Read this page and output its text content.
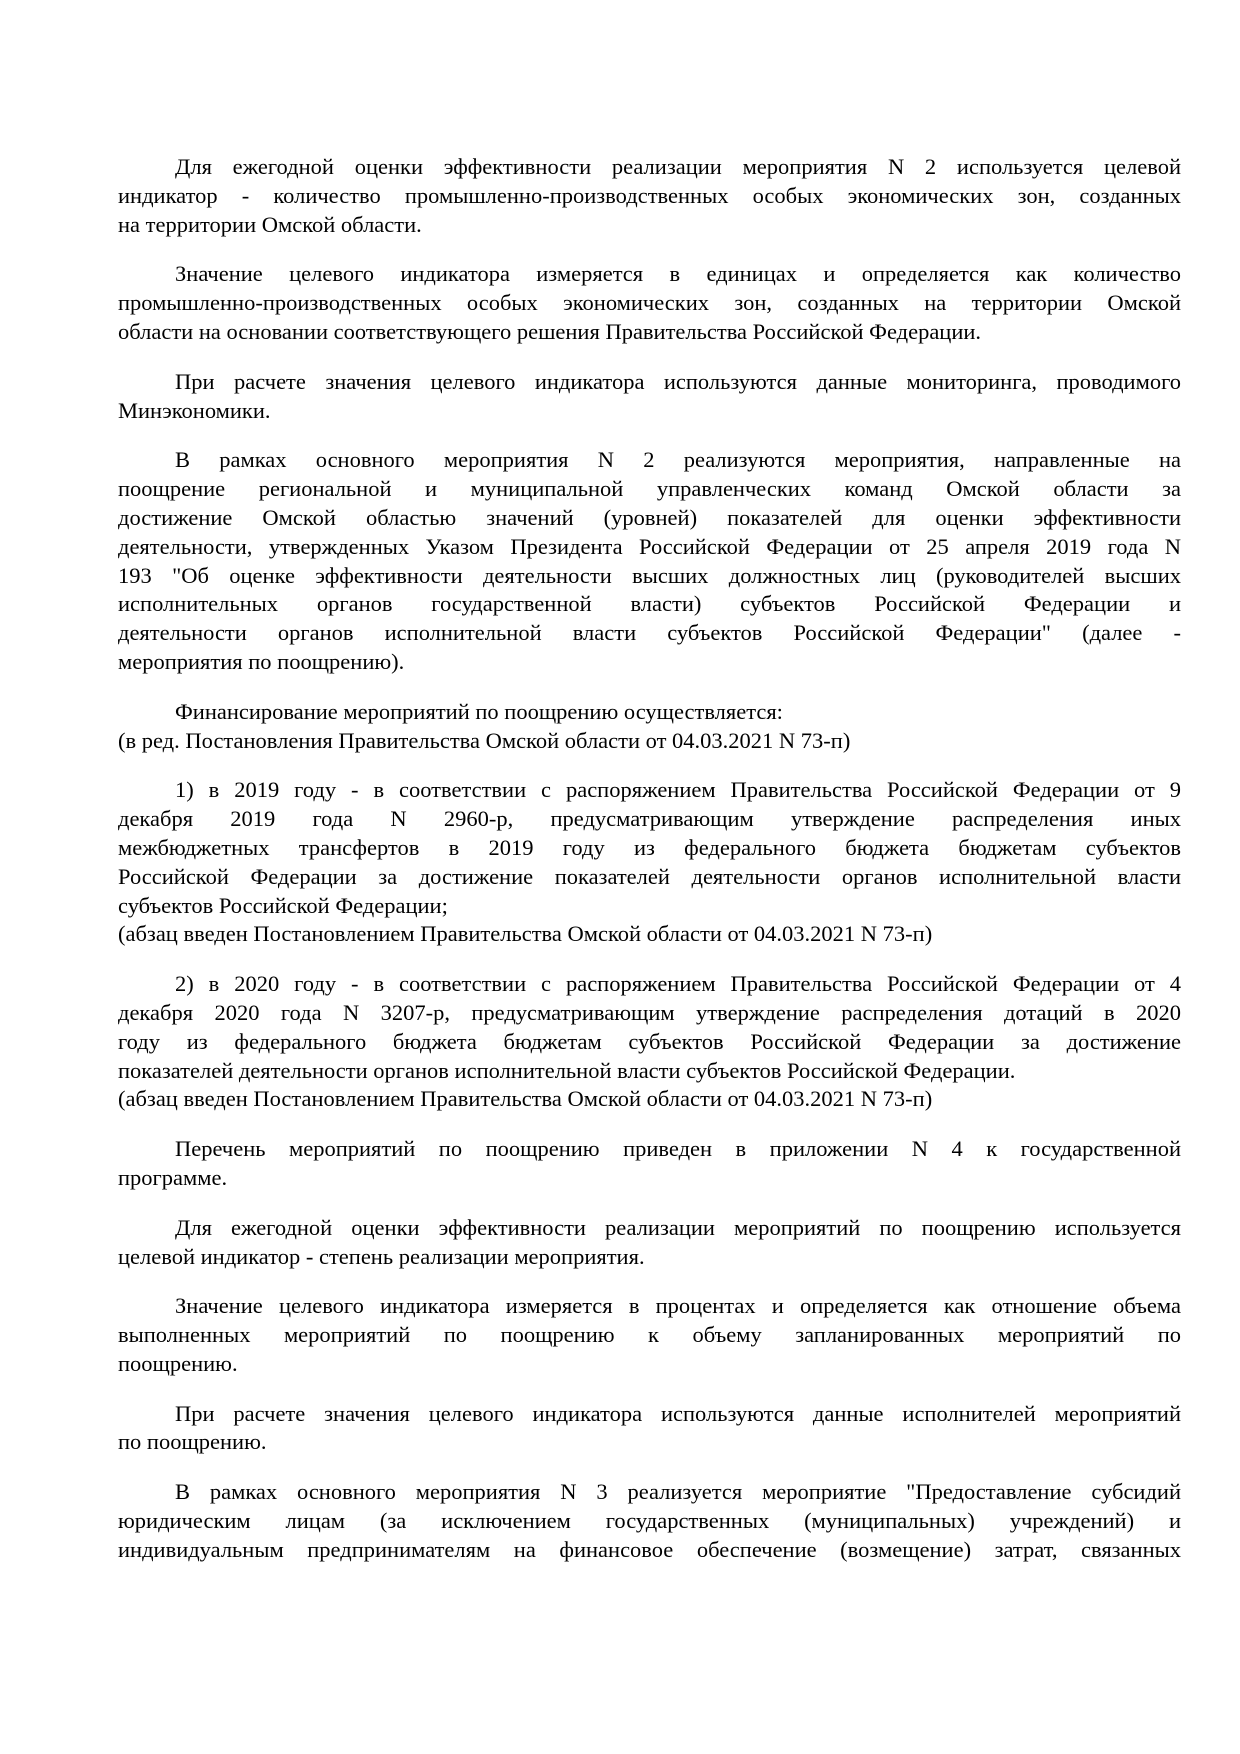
Для ежегодной оценки эффективности реализации мероприятия N 2 используется целевой
индикатор - количество промышленно-производственных особых экономических зон, созданных
на территории Омской области.
Значение целевого индикатора измеряется в единицах и определяется как количество
промышленно-производственных особых экономических зон, созданных на территории Омской
области на основании соответствующего решения Правительства Российской Федерации.
При расчете значения целевого индикатора используются данные мониторинга, проводимого
Минэкономики.
В рамках основного мероприятия N 2 реализуются мероприятия, направленные на
поощрение региональной и муниципальной управленческих команд Омской области за
достижение Омской областью значений (уровней) показателей для оценки эффективности
деятельности, утвержденных Указом Президента Российской Федерации от 25 апреля 2019 года N
193 "Об оценке эффективности деятельности высших должностных лиц (руководителей высших
исполнительных органов государственной власти) субъектов Российской Федерации и
деятельности органов исполнительной власти субъектов Российской Федерации" (далее -
мероприятия по поощрению).
Финансирование мероприятий по поощрению осуществляется:
(в ред. Постановления Правительства Омской области от 04.03.2021 N 73-п)
1) в 2019 году - в соответствии с распоряжением Правительства Российской Федерации от 9
декабря 2019 года N 2960-р, предусматривающим утверждение распределения иных
межбюджетных трансфертов в 2019 году из федерального бюджета бюджетам субъектов
Российской Федерации за достижение показателей деятельности органов исполнительной власти
субъектов Российской Федерации;
(абзац введен Постановлением Правительства Омской области от 04.03.2021 N 73-п)
2) в 2020 году - в соответствии с распоряжением Правительства Российской Федерации от 4
декабря 2020 года N 3207-р, предусматривающим утверждение распределения дотаций в 2020
году из федерального бюджета бюджетам субъектов Российской Федерации за достижение
показателей деятельности органов исполнительной власти субъектов Российской Федерации.
(абзац введен Постановлением Правительства Омской области от 04.03.2021 N 73-п)
Перечень мероприятий по поощрению приведен в приложении N 4 к государственной
программе.
Для ежегодной оценки эффективности реализации мероприятий по поощрению используется
целевой индикатор - степень реализации мероприятия.
Значение целевого индикатора измеряется в процентах и определяется как отношение объема
выполненных мероприятий по поощрению к объему запланированных мероприятий по
поощрению.
При расчете значения целевого индикатора используются данные исполнителей мероприятий
по поощрению.
В рамках основного мероприятия N 3 реализуется мероприятие "Предоставление субсидий
юридическим лицам (за исключением государственных (муниципальных) учреждений) и
индивидуальным предпринимателям на финансовое обеспечение (возмещение) затрат, связанных
